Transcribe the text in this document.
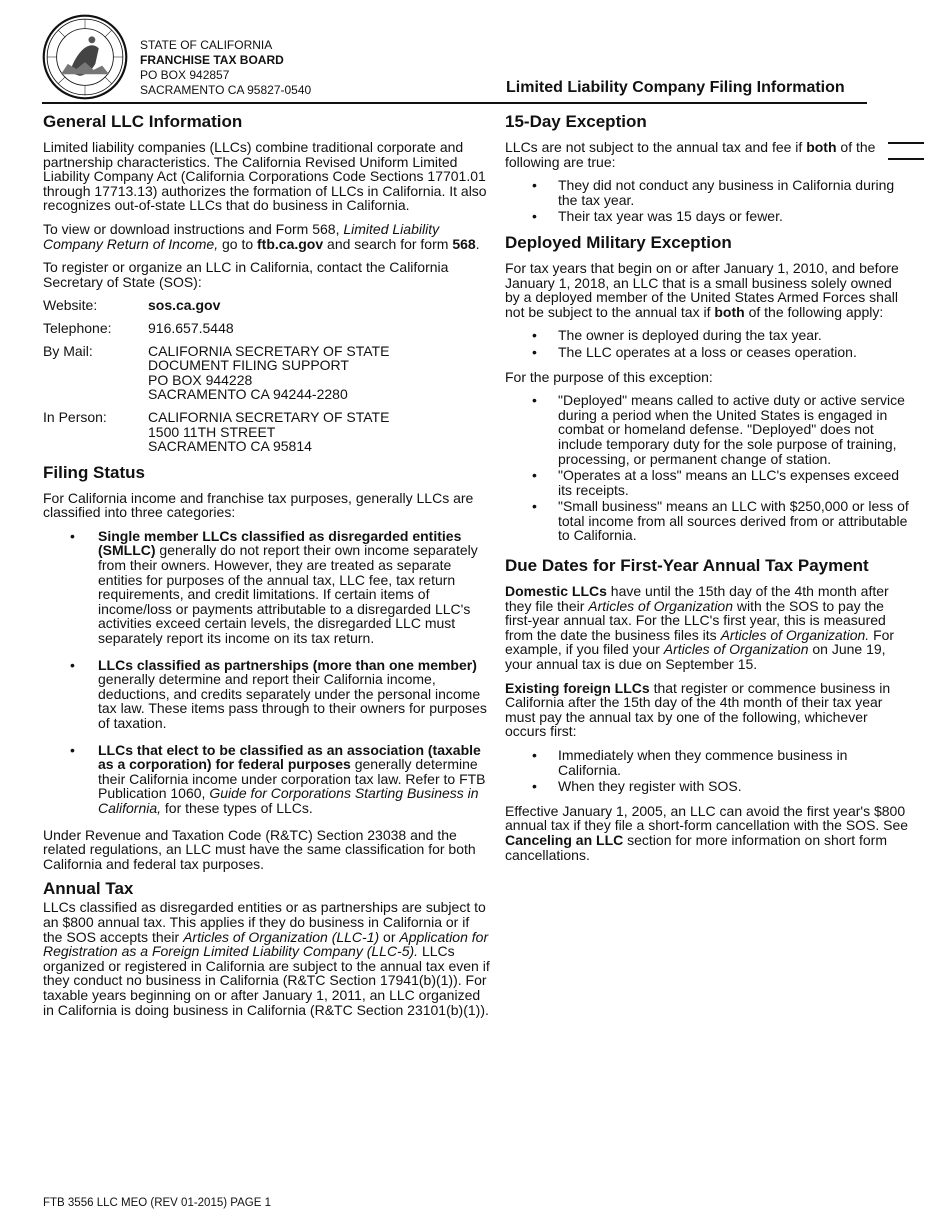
STATE OF CALIFORNIA
FRANCHISE TAX BOARD
PO BOX 942857
SACRAMENTO CA 95827-0540	Limited Liability Company Filing Information
General LLC Information

Limited liability companies (LLCs) combine traditional corporate and partnership characteristics. The California Revised Uniform Limited Liability Company Act (California Corporations Code Sections 17701.01 through 17713.13) authorizes the formation of LLCs in California. It also recognizes out-of-state LLCs that do business in California.

To view or download instructions and Form 568, Limited Liability Company Return of Income, go to ftb.ca.gov and search for form 568.

To register or organize an LLC in California, contact the California Secretary of State (SOS):

Website:	sos.ca.gov
Telephone:	916.657.5448
By Mail:	CALIFORNIA SECRETARY OF STATE
DOCUMENT FILING SUPPORT
PO BOX 944228
SACRAMENTO CA 94244-2280
In Person:	CALIFORNIA SECRETARY OF STATE
1500 11TH STREET
SACRAMENTO CA 95814
Filing Status

For California income and franchise tax purposes, generally LLCs are classified into three categories:

• Single member LLCs classified as disregarded entities (SMLLC) generally do not report their own income separately from their owners. However, they are treated as separate entities for purposes of the annual tax, LLC fee, tax return requirements, and credit limitations. If certain items of income/loss or payments attributable to a disregarded LLC's activities exceed certain levels, the disregarded LLC must separately report its income on its tax return.
• LLCs classified as partnerships (more than one member) generally determine and report their California income, deductions, and credits separately under the personal income tax law. These items pass through to their owners for purposes of taxation.
• LLCs that elect to be classified as an association (taxable as a corporation) for federal purposes generally determine their California income under corporation tax law. Refer to FTB Publication 1060, Guide for Corporations Starting Business in California, for these types of LLCs.

Under Revenue and Taxation Code (R&TC) Section 23038 and the related regulations, an LLC must have the same classification for both California and federal tax purposes.

Annual Tax

LLCs classified as disregarded entities or as partnerships are subject to an $800 annual tax. This applies if they do business in California or if the SOS accepts their Articles of Organization (LLC-1) or Application for Registration as a Foreign Limited Liability Company (LLC-5). LLCs organized or registered in California are subject to the annual tax even if they conduct no business in California (R&TC Section 17941(b)(1)). For taxable years beginning on or after January 1, 2011, an LLC organized in California is doing business in California (R&TC Section 23101(b)(1)).

15-Day Exception

LLCs are not subject to the annual tax and fee if both of the following are true:

• They did not conduct any business in California during the tax year.
• Their tax year was 15 days or fewer.
Deployed Military Exception

For tax years that begin on or after January 1, 2010, and before January 1, 2018, an LLC that is a small business solely owned by a deployed member of the United States Armed Forces shall not be subject to the annual tax if both of the following apply:

• The owner is deployed during the tax year.
• The LLC operates at a loss or ceases operation.

For the purpose of this exception:

• "Deployed" means called to active duty or active service during a period when the United States is engaged in combat or homeland defense. "Deployed" does not include temporary duty for the sole purpose of training, processing, or permanent change of station.
• "Operates at a loss" means an LLC's expenses exceed its receipts.
• "Small business" means an LLC with $250,000 or less of total income from all sources derived from or attributable to California.
Due Dates for First-Year Annual Tax Payment

Domestic LLCs have until the 15th day of the 4th month after they file their Articles of Organization with the SOS to pay the first-year annual tax. For the LLC's first year, this is measured from the date the business files its Articles of Organization. For example, if you filed your Articles of Organization on June 19, your annual tax is due on September 15.

Existing foreign LLCs that register or commence business in California after the 15th day of the 4th month of their tax year must pay the annual tax by one of the following, whichever occurs first:

• Immediately when they commence business in California.
• When they register with SOS.

Effective January 1, 2005, an LLC can avoid the first year's $800 annual tax if they file a short-form cancellation with the SOS. See Canceling an LLC section for more information on short form cancellations.

FTB 3556 LLC MEO (REV 01-2015) PAGE 1
